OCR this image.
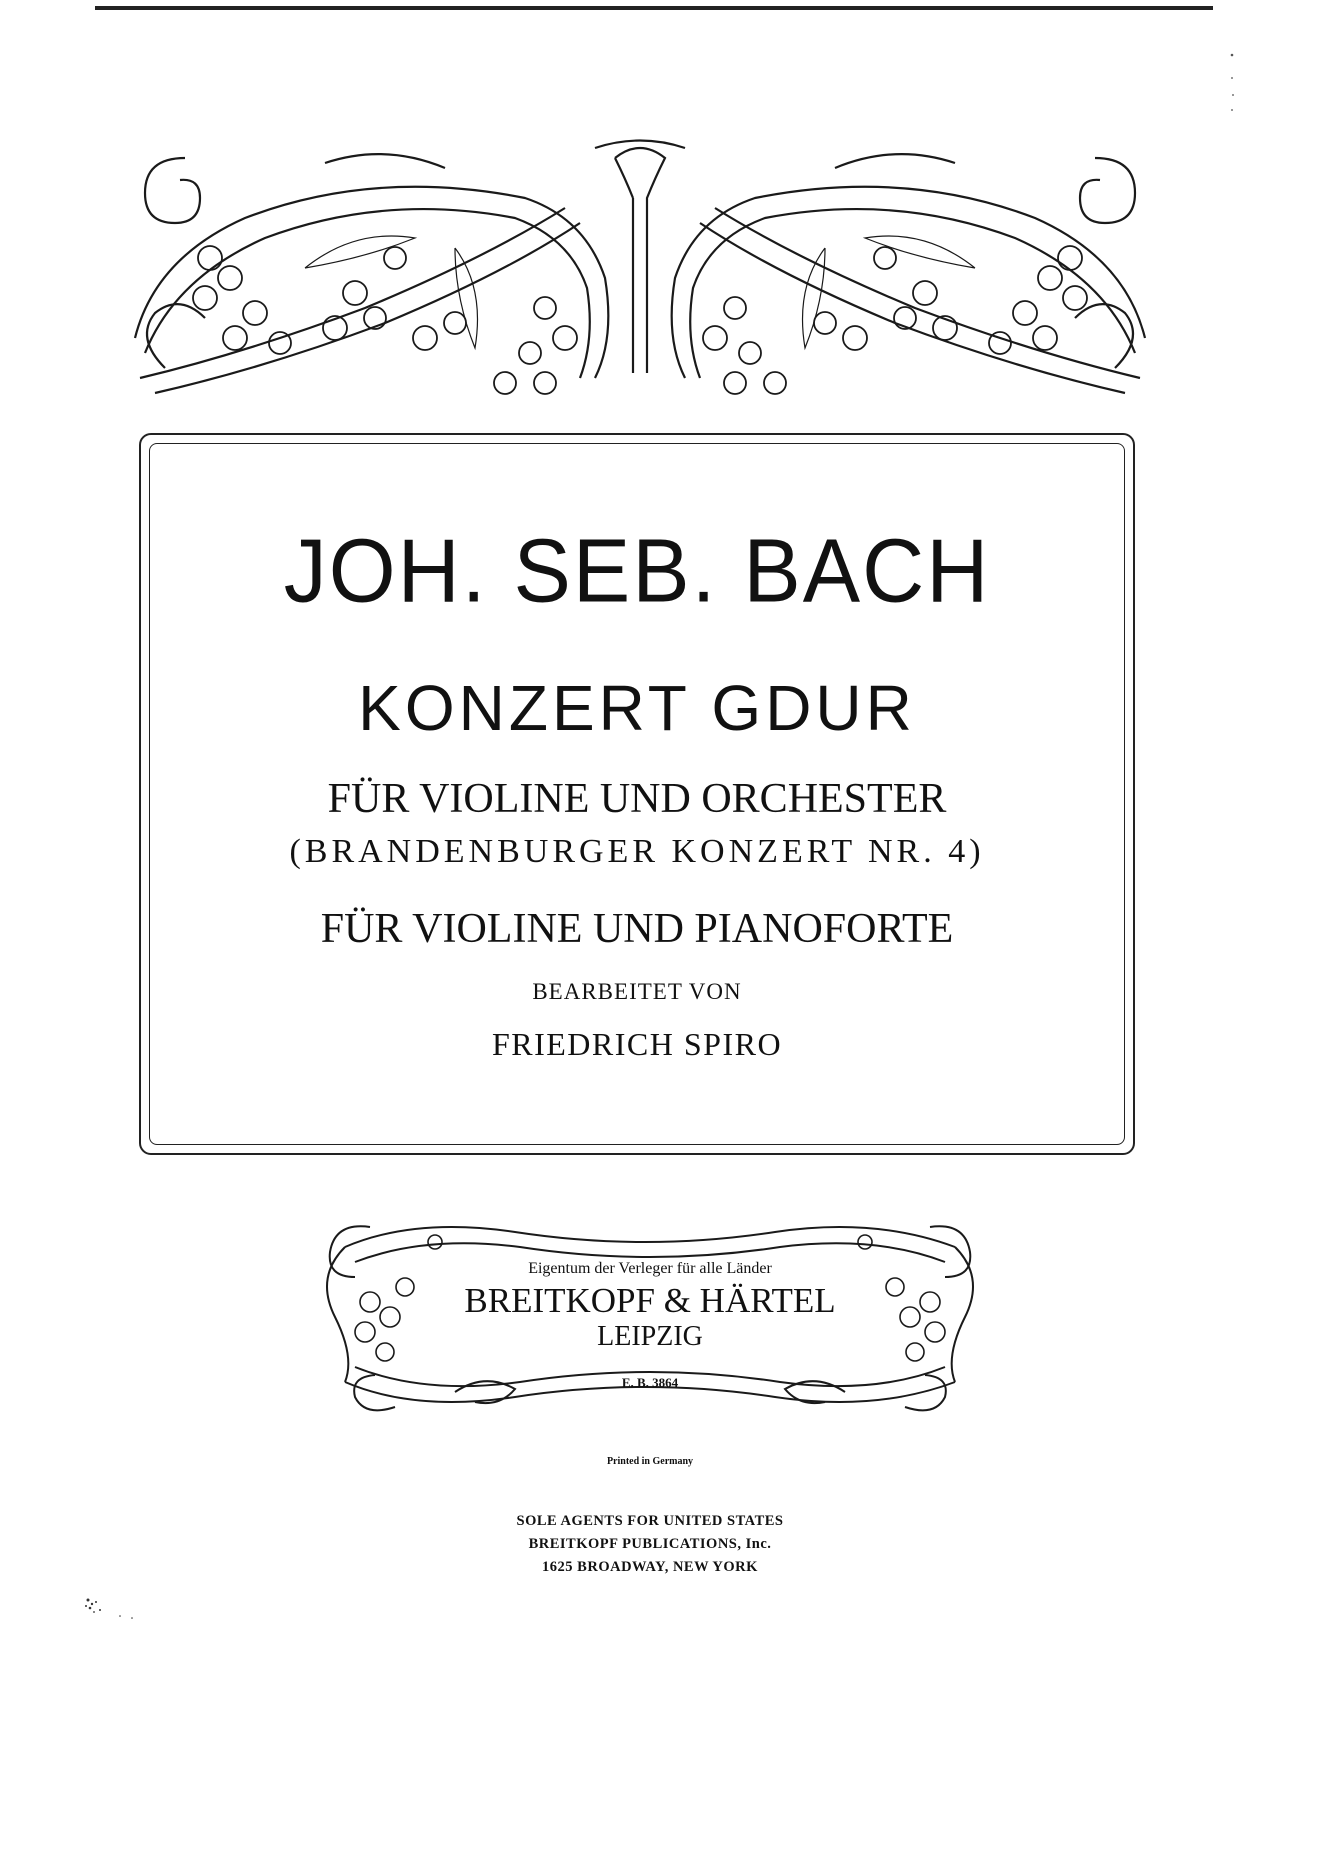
JOH. SEB. BACH
KONZERT GDUR
FÜR VIOLINE UND ORCHESTER
(BRANDENBURGER KONZERT NR. 4)
FÜR VIOLINE UND PIANOFORTE
BEARBEITET VON
FRIEDRICH SPIRO
Eigentum der Verleger für alle Länder
BREITKOPF & HÄRTEL
LEIPZIG
E. B. 3864
Printed in Germany
SOLE AGENTS FOR UNITED STATES
BREITKOPF PUBLICATIONS, Inc.
1625 BROADWAY, NEW YORK
